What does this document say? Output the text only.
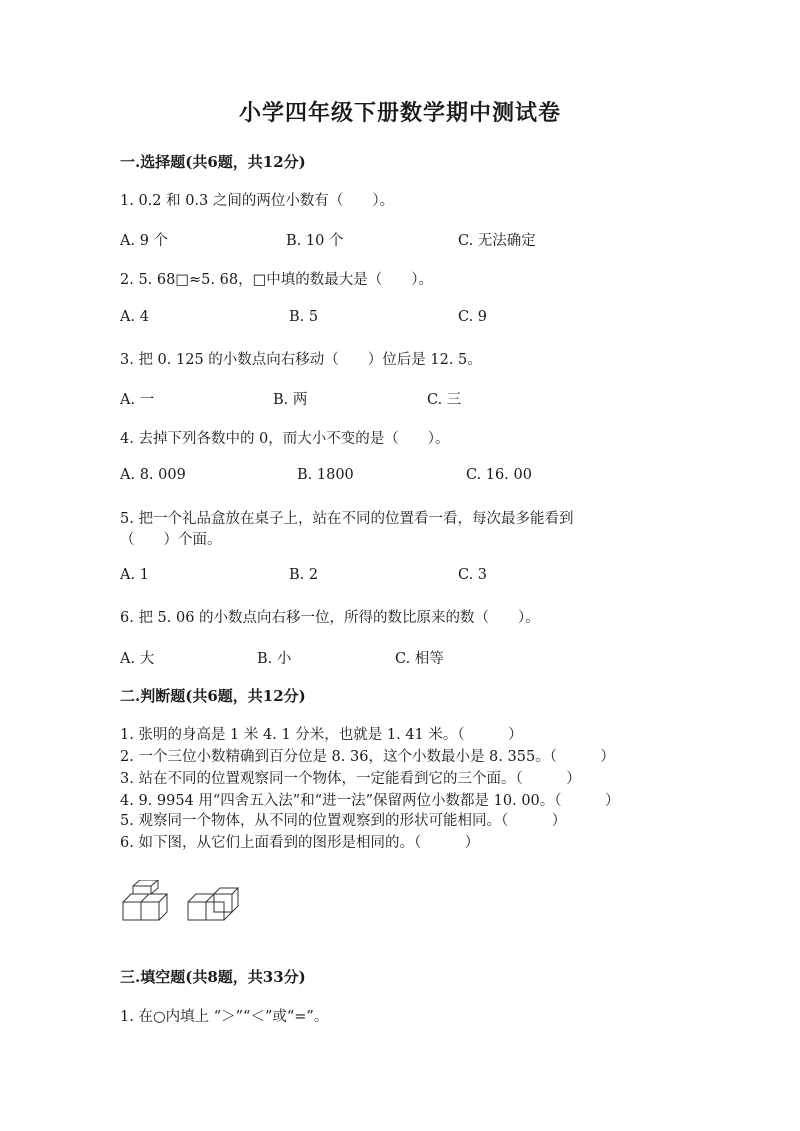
小学四年级下册数学期中测试卷
一.选择题(共6题，共12分)
1. 0.2 和 0.3 之间的两位小数有（　　）。
A. 9 个	B. 10 个	C. 无法确定
2. 5. 68□≈5. 68，□中填的数最大是（　　）。
A. 4	B. 5	C. 9
3. 把 0. 125 的小数点向右移动（　　）位后是 12. 5。
A. 一	B. 两	C. 三
4. 去掉下列各数中的 0，而大小不变的是（　　）。
A. 8. 009	B. 1800	C. 16. 00
5. 把一个礼品盒放在桌子上，站在不同的位置看一看，每次最多能看到
（　　）个面。
A. 1	B. 2	C. 3
6. 把 5. 06 的小数点向右移一位，所得的数比原来的数（　　）。
A. 大	B. 小	C. 相等
二.判断题(共6题，共12分)
1. 张明的身高是 1 米 4. 1 分米，也就是 1. 41 米。（　　　）
2. 一个三位小数精确到百分位是 8. 36，这个小数最小是 8. 355。（　　　）
3. 站在不同的位置观察同一个物体，一定能看到它的三个面。（　　　）
4. 9. 9954 用“四舍五入法”和“进一法”保留两位小数都是 10. 00。（　　　）
5. 观察同一个物体，从不同的位置观察到的形状可能相同。（　　　）
6. 如下图，从它们上面看到的图形是相同的。（　　　）
三.填空题(共8题，共33分)
1. 在○内填上 “＞”“＜”或“=”。
